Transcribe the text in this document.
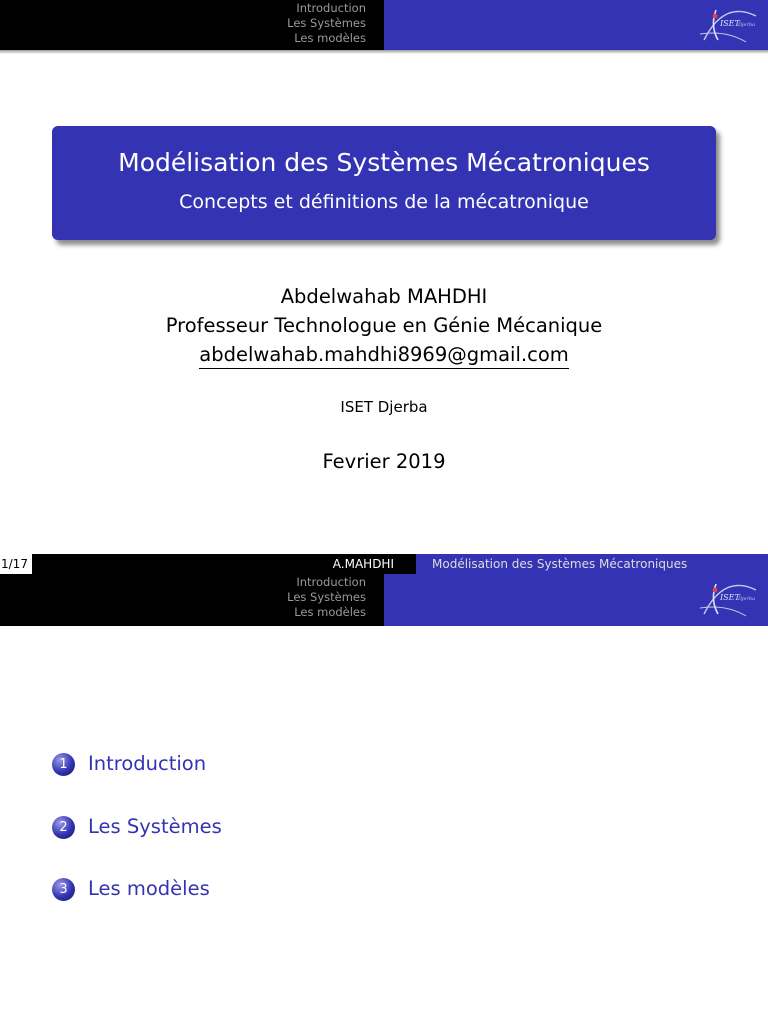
Introduction
Les Systèmes
Les modèles
ISET
Djerba
Modélisation des Systèmes Mécatroniques
Concepts et définitions de la mécatronique
Abdelwahab MAHDHI
Professeur Technologue en Génie Mécanique
abdelwahab.mahdhi8969@gmail.com
ISET Djerba
Fevrier 2019
1/17	A.MAHDHI	Modélisation des Systèmes Mécatroniques
Introduction
Les Systèmes
Les modèles
ISET
Djerba
1	Introduction
2	Les Systèmes
3	Les modèles
